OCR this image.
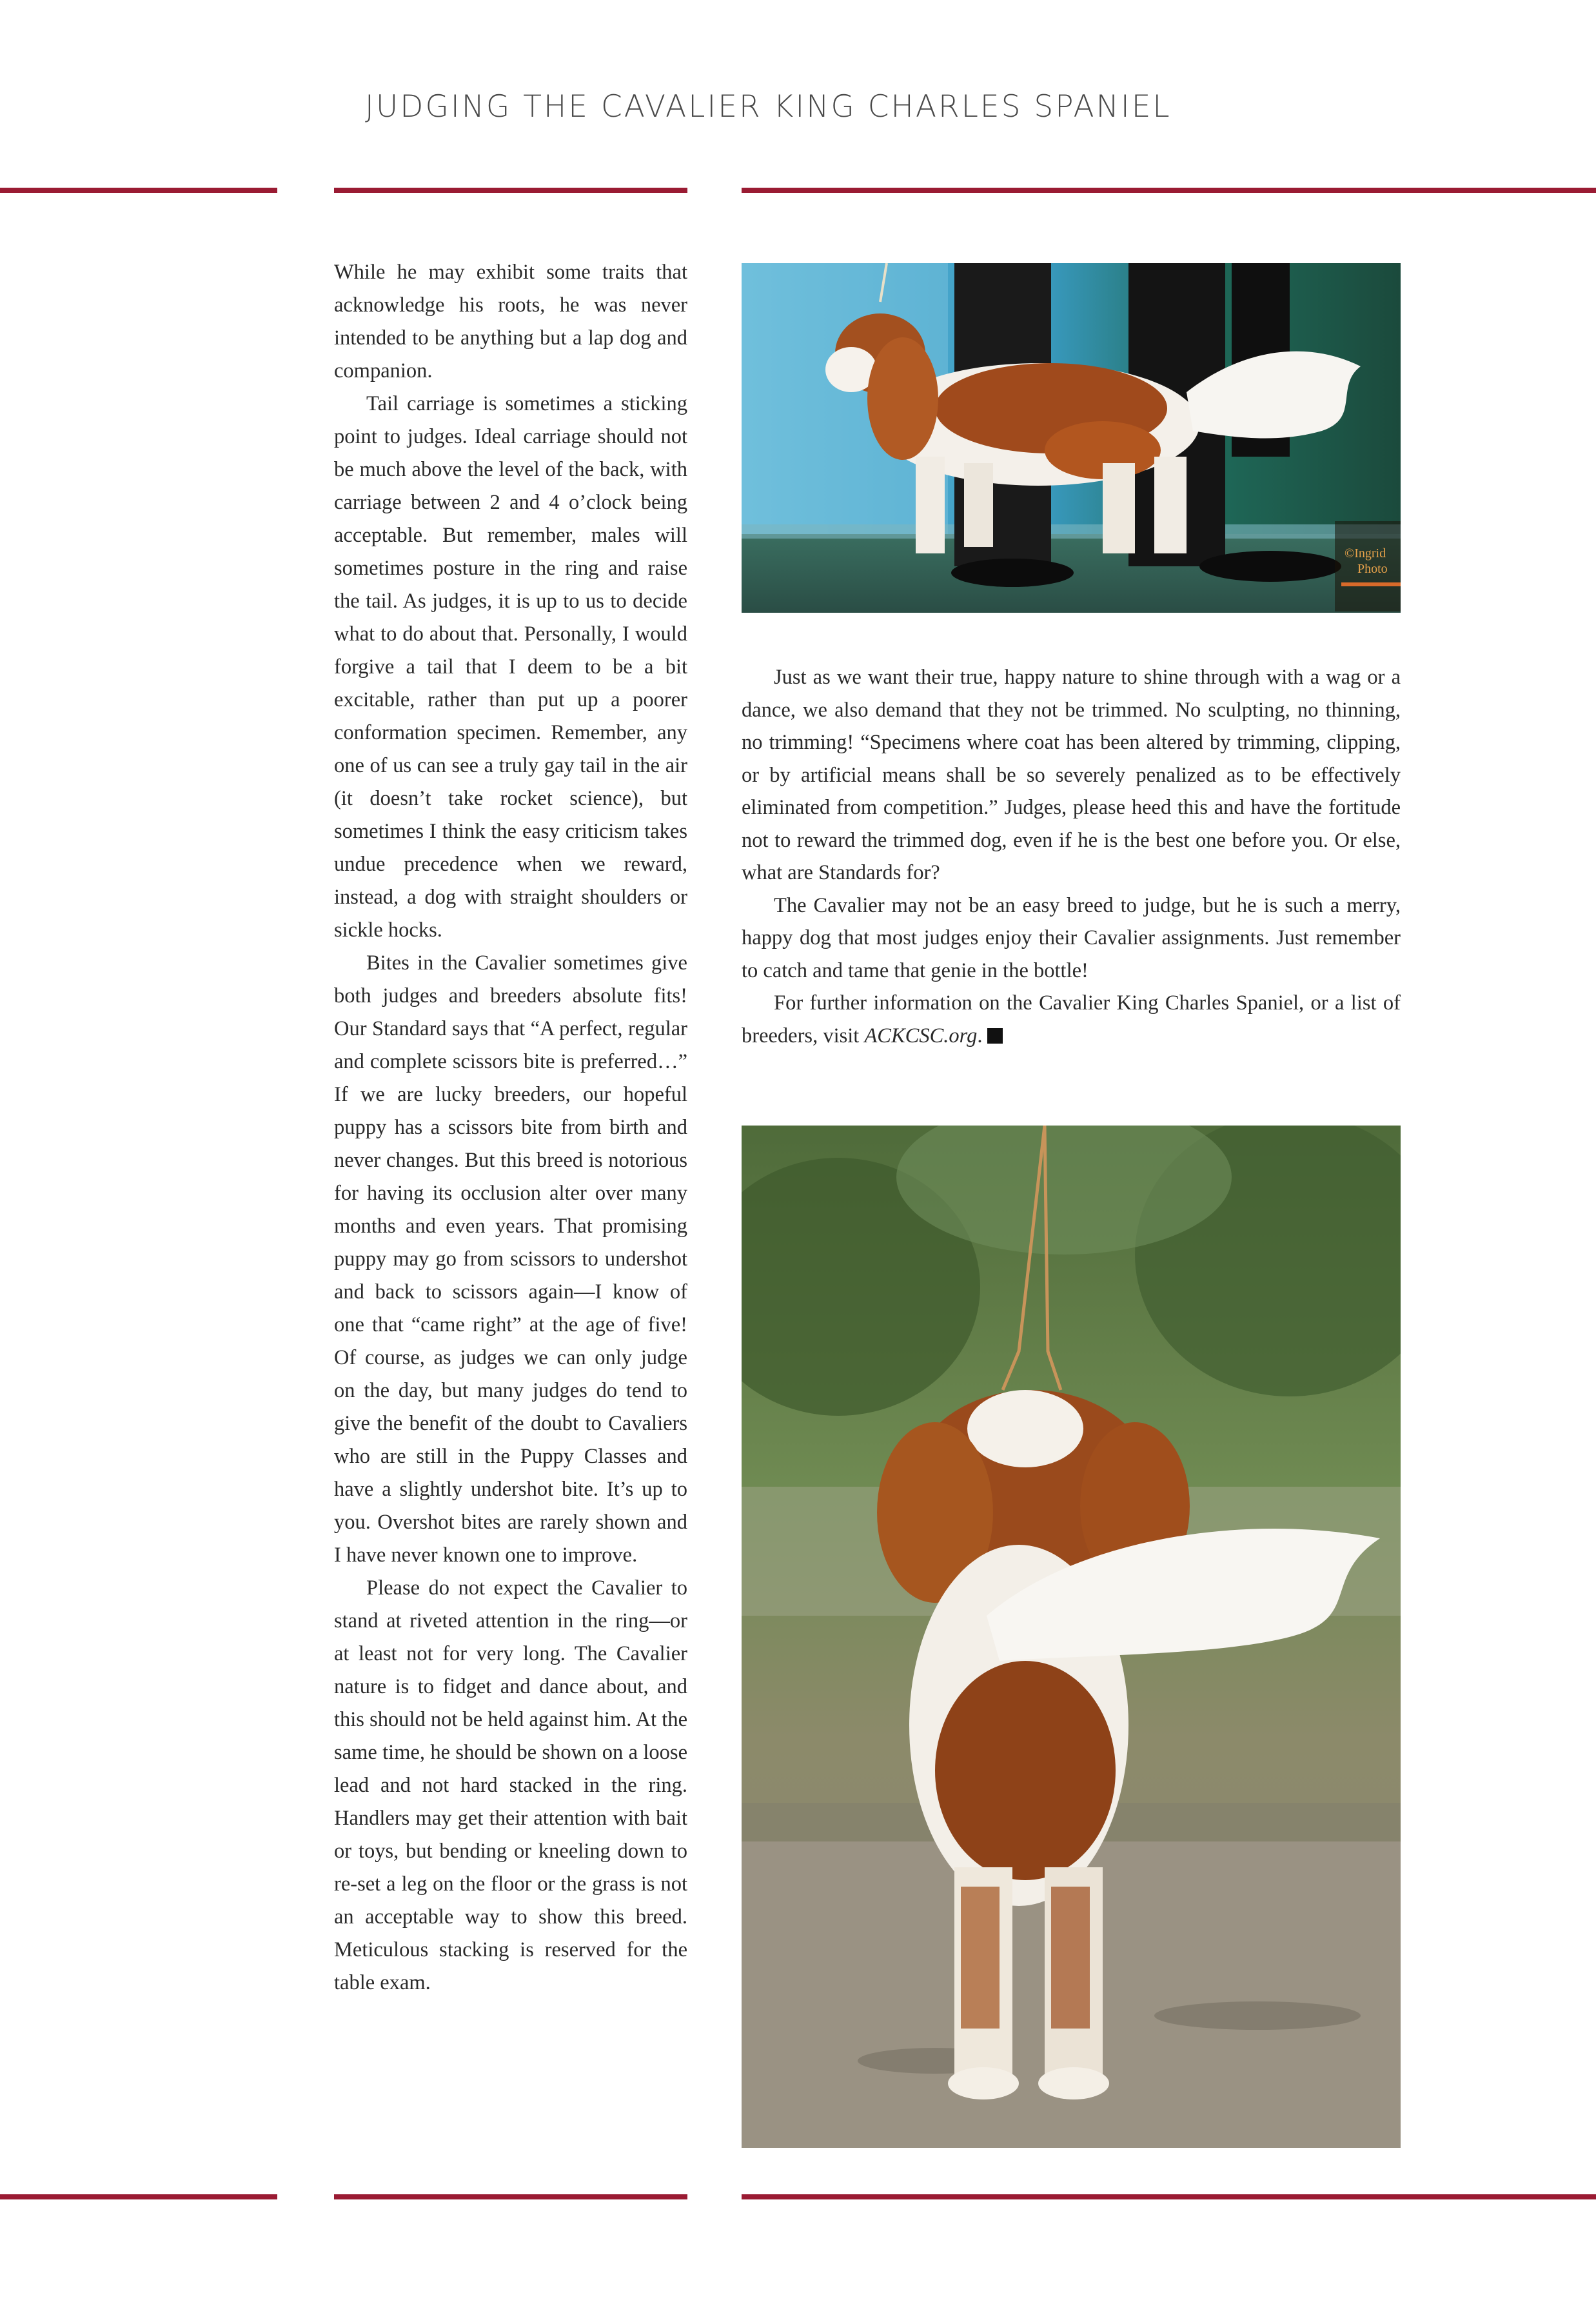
JUDGING THE CAVALIER KING CHARLES SPANIEL

While he may exhibit some traits that acknowledge his roots, he was never intended to be anything but a lap dog and companion.

Tail carriage is sometimes a sticking point to judges. Ideal carriage should not be much above the level of the back, with carriage between 2 and 4 o’clock being acceptable. But remember, males will sometimes posture in the ring and raise the tail. As judges, it is up to us to decide what to do about that. Personally, I would forgive a tail that I deem to be a bit excitable, rather than put up a poorer conformation specimen. Remember, any one of us can see a truly gay tail in the air (it doesn’t take rocket science), but sometimes I think the easy criticism takes undue precedence when we reward, instead, a dog with straight shoulders or sickle hocks.

Bites in the Cavalier sometimes give both judges and breeders absolute fits! Our Standard says that “A perfect, regular and complete scissors bite is preferred…” If we are lucky breeders, our hopeful puppy has a scissors bite from birth and never changes. But this breed is notorious for having its occlusion alter over many months and even years. That promising puppy may go from scissors to undershot and back to scissors again—I know of one that “came right” at the age of five! Of course, as judges we can only judge on the day, but many judges do tend to give the benefit of the doubt to Cavaliers who are still in the Puppy Classes and have a slightly undershot bite. It’s up to you. Overshot bites are rarely shown and I have never known one to improve.

Please do not expect the Cavalier to stand at riveted attention in the ring—or at least not for very long. The Cavalier nature is to fidget and dance about, and this should not be held against him. At the same time, he should be shown on a loose lead and not hard stacked in the ring. Handlers may get their attention with bait or toys, but bending or kneeling down to re-set a leg on the floor or the grass is not an acceptable way to show this breed. Meticulous stacking is reserved for the table exam.

©Ingrid
Photo

Just as we want their true, happy nature to shine through with a wag or a dance, we also demand that they not be trimmed. No sculpting, no thinning, no trimming! “Specimens where coat has been altered by trimming, clipping, or by artificial means shall be so severely penalized as to be effectively eliminated from competition.” Judges, please heed this and have the fortitude not to reward the trimmed dog, even if he is the best one before you. Or else, what are Standards for?

The Cavalier may not be an easy breed to judge, but he is such a merry, happy dog that most judges enjoy their Cavalier assignments. Just remember to catch and tame that genie in the bottle!

For further information on the Cavalier King Charles Spaniel, or a list of breeders, visit ACKCSC.org.
